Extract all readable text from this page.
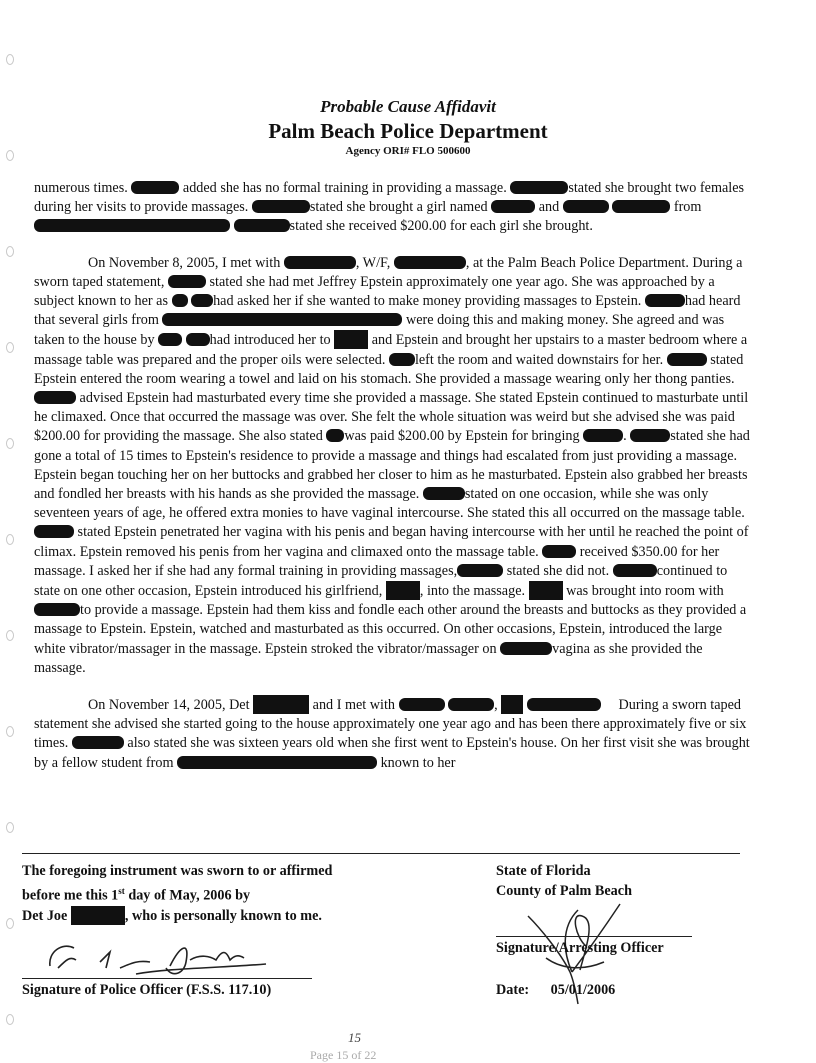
Probable Cause Affidavit
Palm Beach Police Department
Agency ORI# FLO 500600

numerous times.	added she has no formal training in providing a massage.	stated she brought two females during her visits to provide massages.	stated she brought a girl named	and	from  stated she received $200.00 for each girl she brought.

On November 8, 2005, I met with	, W/F,	, at the Palm Beach Police Department. During a sworn taped statement,	stated she had met Jeffrey Epstein approximately one year ago. She was approached by a subject known to her as	had asked her if she wanted to make money providing massages to Epstein.	had heard that several girls from	were doing this and making money. She agreed and was taken to the house by	had introduced her to	and Epstein and brought her upstairs to a master bedroom where a massage table was prepared and the proper oils were selected. left the room and waited downstairs for her.	stated Epstein entered the room wearing a towel and laid on his stomach. She provided a massage wearing only her thong panties.  advised Epstein had masturbated every time she provided a massage. She stated Epstein continued to masturbate until he climaxed. Once that occurred the massage was over. She felt the whole situation was weird but she advised she was paid $200.00 for providing the massage. She also stated was paid $200.00 by Epstein for bringing	.	stated she had gone a total of 15 times to Epstein's residence to provide a massage and things had escalated from just providing a massage. Epstein began touching her on her buttocks and grabbed her closer to him as he masturbated. Epstein also grabbed her breasts and fondled her breasts with his hands as she provided the massage.	stated on one occasion, while she was only seventeen years of age, he offered extra monies to have vaginal intercourse. She stated this all occurred on the massage table.  stated Epstein penetrated her vagina with his penis and began having intercourse with her until he reached the point of climax. Epstein removed his penis from her vagina and climaxed onto the massage table.	received $350.00 for her massage. I asked her if she had any formal training in providing massages,	stated she did not.	continued to state on one other occasion, Epstein introduced his girlfriend,	, into the massage.	was brought into room with to provide a massage. Epstein had them kiss and fondle each other around the breasts and buttocks as they provided a massage to Epstein. Epstein, watched and masturbated as this occurred. On other occasions, Epstein, introduced the large white vibrator/massager in the massage. Epstein stroked the vibrator/massager on	vagina as she provided the massage.

On November 14, 2005, Det	and I met with	,	During a sworn taped statement she advised she started going to the house approximately one year ago and has been there approximately five or six times.	also stated she was sixteen years old when she first went to Epstein's house. On her first visit she was brought by a fellow student from	known to her

The foregoing instrument was sworn to or affirmed
before me this 1st day of May, 2006 by
Det Joe	, who is personally known to me.
State of Florida
County of Palm Beach
Signature of Police Officer (F.S.S. 117.10)
Signature/Arresting Officer
Date: 05/01/2006
Page 15 of 22
15
